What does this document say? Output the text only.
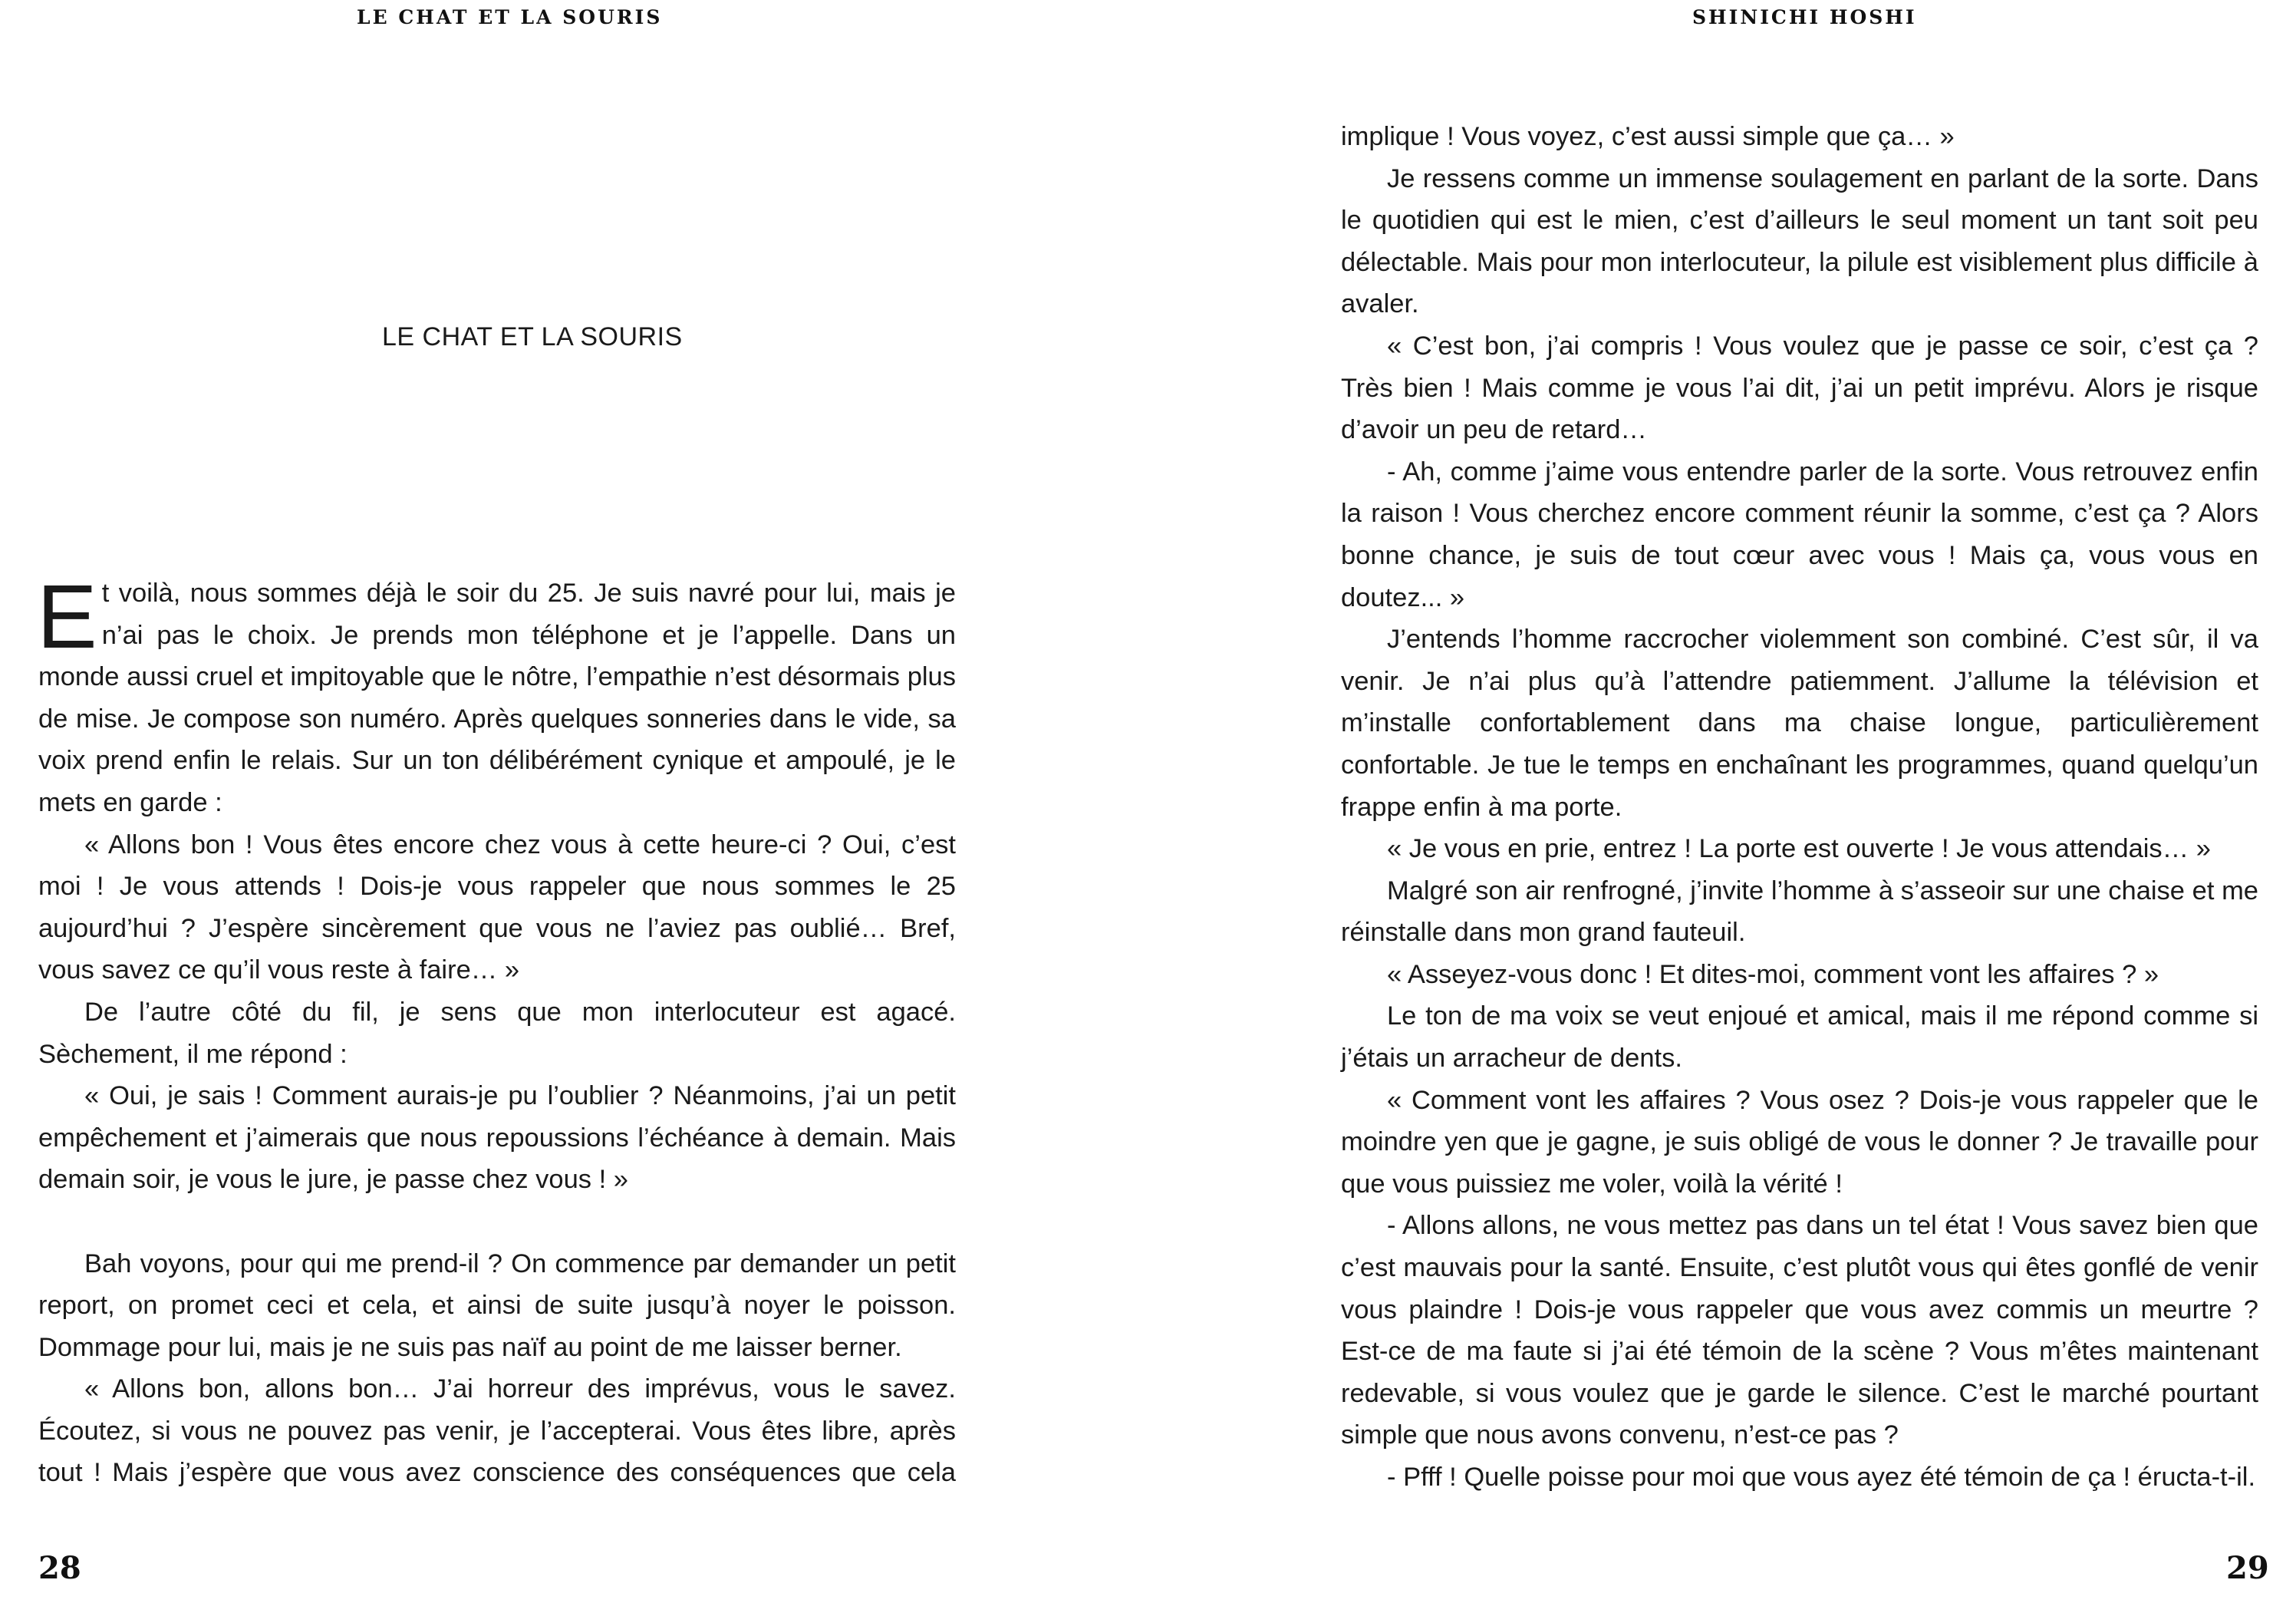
LE CHAT ET LA SOURIS
LE CHAT ET LA SOURIS

Et voilà, nous sommes déjà le soir du 25. Je suis navré pour lui, mais je n’ai pas le choix. Je prends mon téléphone et je l’appelle. Dans un monde aussi cruel et impitoyable que le nôtre, l’empathie n’est désormais plus de mise. Je compose son numéro. Après quelques sonneries dans le vide, sa voix prend enfin le relais. Sur un ton délibérément cynique et ampoulé, je le mets en garde :

« Allons bon ! Vous êtes encore chez vous à cette heure-ci ? Oui, c’est moi ! Je vous attends ! Dois-je vous rappeler que nous sommes le 25 aujourd’hui ? J’espère sincèrement que vous ne l’aviez pas oublié… Bref, vous savez ce qu’il vous reste à faire… »

De l’autre côté du fil, je sens que mon interlocuteur est agacé. Sèchement, il me répond :

« Oui, je sais ! Comment aurais-je pu l’oublier ? Néanmoins, j’ai un petit empêchement et j’aimerais que nous repoussions l’échéance à demain. Mais demain soir, je vous le jure, je passe chez vous ! »

Bah voyons, pour qui me prend-il ? On commence par demander un petit report, on promet ceci et cela, et ainsi de suite jusqu’à noyer le poisson. Dommage pour lui, mais je ne suis pas naïf au point de me laisser berner.

« Allons bon, allons bon… J’ai horreur des imprévus, vous le savez. Écoutez, si vous ne pouvez pas venir, je l’accepterai. Vous êtes libre, après tout ! Mais j’espère que vous avez conscience des conséquences que cela

28
SHINICHI HOSHI

implique ! Vous voyez, c’est aussi simple que ça… »

Je ressens comme un immense soulagement en parlant de la sorte. Dans le quotidien qui est le mien, c’est d’ailleurs le seul moment un tant soit peu délectable. Mais pour mon interlocuteur, la pilule est visiblement plus difficile à avaler.

« C’est bon, j’ai compris ! Vous voulez que je passe ce soir, c’est ça ? Très bien ! Mais comme je vous l’ai dit, j’ai un petit imprévu. Alors je risque d’avoir un peu de retard…

- Ah, comme j’aime vous entendre parler de la sorte. Vous retrouvez enfin la raison ! Vous cherchez encore comment réunir la somme, c’est ça ? Alors bonne chance, je suis de tout cœur avec vous ! Mais ça, vous vous en doutez... »

J’entends l’homme raccrocher violemment son combiné. C’est sûr, il va venir. Je n’ai plus qu’à l’attendre patiemment. J’allume la télévision et m’installe confortablement dans ma chaise longue, particulièrement confortable. Je tue le temps en enchaînant les programmes, quand quelqu’un frappe enfin à ma porte.

« Je vous en prie, entrez ! La porte est ouverte ! Je vous attendais… »

Malgré son air renfrogné, j’invite l’homme à s’asseoir sur une chaise et me réinstalle dans mon grand fauteuil.

« Asseyez-vous donc ! Et dites-moi, comment vont les affaires ? »

Le ton de ma voix se veut enjoué et amical, mais il me répond comme si j’étais un arracheur de dents.

« Comment vont les affaires ? Vous osez ? Dois-je vous rappeler que le moindre yen que je gagne, je suis obligé de vous le donner ? Je travaille pour que vous puissiez me voler, voilà la vérité !

- Allons allons, ne vous mettez pas dans un tel état ! Vous savez bien que c’est mauvais pour la santé. Ensuite, c’est plutôt vous qui êtes gonflé de venir vous plaindre ! Dois-je vous rappeler que vous avez commis un meurtre ? Est-ce de ma faute si j’ai été témoin de la scène ? Vous m’êtes maintenant redevable, si vous voulez que je garde le silence. C’est le marché pourtant simple que nous avons convenu, n’est-ce pas ?

- Pfff ! Quelle poisse pour moi que vous ayez été témoin de ça ! éructa-t-il.

29
